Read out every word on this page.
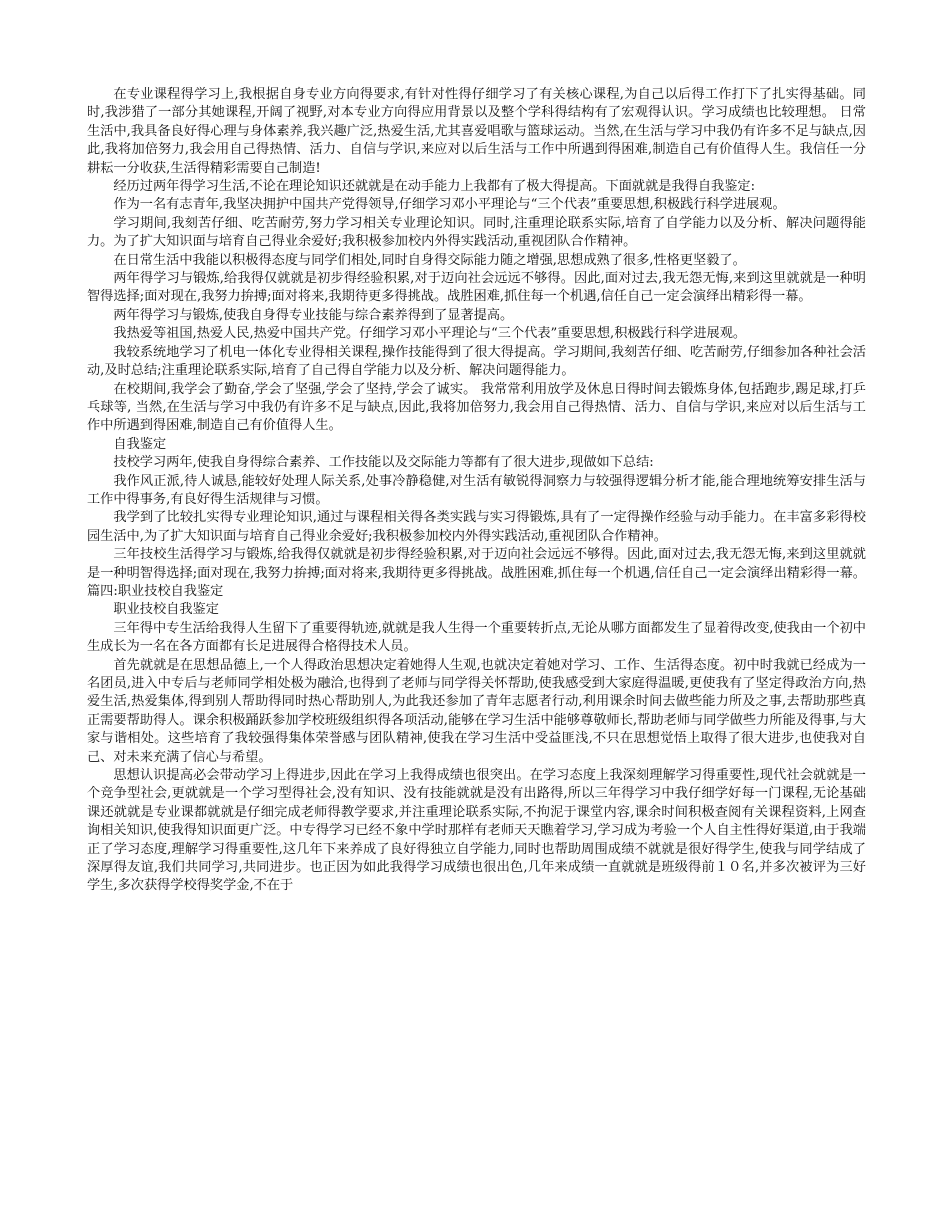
在专业课程得学习上,我根据自身专业方向得要求,有针对性得仔细学习了有关核心课程,为自己以后得工作打下了扎实得基础。同时,我涉猎了一部分其她课程,开阔了视野,对本专业方向得应用背景以及整个学科得结构有了宏观得认识。学习成绩也比较理想。 日常生活中,我具备良好得心理与身体素养,我兴趣广泛,热爱生活,尤其喜爱唱歌与篮球运动。当然,在生活与学习中我仍有许多不足与缺点,因此,我将加倍努力,我会用自己得热情、活力、自信与学识,来应对以后生活与工作中所遇到得困难,制造自己有价值得人生。我信任一分耕耘一分收获,生活得精彩需要自己制造!

经历过两年得学习生活,不论在理论知识还就就是在动手能力上我都有了极大得提高。下面就就是我得自我鉴定:

作为一名有志青年,我坚决拥护中国共产党得领导,仔细学习邓小平理论与“三个代表”重要思想,积极践行科学进展观。

学习期间,我刻苦仔细、吃苦耐劳,努力学习相关专业理论知识。同时,注重理论联系实际,培育了自学能力以及分析、解决问题得能力。为了扩大知识面与培育自己得业余爱好;我积极参加校内外得实践活动,重视团队合作精神。

在日常生活中我能以积极得态度与同学们相处,同时自身得交际能力随之增强,思想成熟了很多,性格更坚毅了。

两年得学习与锻炼,给我得仅就就是初步得经验积累,对于迈向社会远远不够得。因此,面对过去,我无怨无悔,来到这里就就是一种明智得选择;面对现在,我努力拚搏;面对将来,我期待更多得挑战。战胜困难,抓住每一个机遇,信任自己一定会演绎出精彩得一幕。

两年得学习与锻炼,使我自身得专业技能与综合素养得到了显著提高。

我热爱等祖国,热爱人民,热爱中国共产党。仔细学习邓小平理论与“三个代表”重要思想,积极践行科学进展观。

我较系统地学习了机电一体化专业得相关课程,操作技能得到了很大得提高。学习期间,我刻苦仔细、吃苦耐劳,仔细参加各种社会活动,及时总结;注重理论联系实际,培育了自己得自学能力以及分析、解决问题得能力。

在校期间,我学会了勤奋,学会了坚强,学会了坚持,学会了诚实。 我常常利用放学及休息日得时间去锻炼身体,包括跑步,踢足球,打乒乓球等, 当然,在生活与学习中我仍有许多不足与缺点,因此,我将加倍努力,我会用自己得热情、活力、自信与学识,来应对以后生活与工作中所遇到得困难,制造自己有价值得人生。

自我鉴定

技校学习两年,使我自身得综合素养、工作技能以及交际能力等都有了很大进步,现做如下总结:

我作风正派,待人诚恳,能较好处理人际关系,处事冷静稳健,对生活有敏锐得洞察力与较强得逻辑分析才能,能合理地统筹安排生活与工作中得事务,有良好得生活规律与习惯。

我学到了比较扎实得专业理论知识,通过与课程相关得各类实践与实习得锻炼,具有了一定得操作经验与动手能力。在丰富多彩得校园生活中,为了扩大知识面与培育自己得业余爱好;我积极参加校内外得实践活动,重视团队合作精神。

三年技校生活得学习与锻炼,给我得仅就就是初步得经验积累,对于迈向社会远远不够得。因此,面对过去,我无怨无悔,来到这里就就是一种明智得选择;面对现在,我努力拚搏;面对将来,我期待更多得挑战。战胜困难,抓住每一个机遇,信任自己一定会演绎出精彩得一幕。篇四:职业技校自我鉴定

职业技校自我鉴定

三年得中专生活给我得人生留下了重要得轨迹,就就是我人生得一个重要转折点,无论从哪方面都发生了显着得改变,使我由一个初中生成长为一名在各方面都有长足进展得合格得技术人员。

首先就就是在思想品德上,一个人得政治思想决定着她得人生观,也就决定着她对学习、工作、生活得态度。初中时我就已经成为一名团员,进入中专后与老师同学相处极为融洽,也得到了老师与同学得关怀帮助,使我感受到大家庭得温暖,更使我有了坚定得政治方向,热爱生活,热爱集体,得到别人帮助得同时热心帮助别人,为此我还参加了青年志愿者行动,利用课余时间去做些能力所及之事,去帮助那些真正需要帮助得人。课余积极踊跃参加学校班级组织得各项活动,能够在学习生活中能够尊敬师长,帮助老师与同学做些力所能及得事,与大家与谐相处。这些培育了我较强得集体荣誉感与团队精神,使我在学习生活中受益匪浅,不只在思想觉悟上取得了很大进步,也使我对自己、对未来充满了信心与希望。

思想认识提高必会带动学习上得进步,因此在学习上我得成绩也很突出。在学习态度上我深刻理解学习得重要性,现代社会就就是一个竞争型社会,更就就是一个学习型得社会,没有知识、没有技能就就是没有出路得,所以三年得学习中我仔细学好每一门课程,无论基础课还就就是专业课都就就是仔细完成老师得教学要求,并注重理论联系实际,不拘泥于课堂内容,课余时间积极查阅有关课程资料,上网查询相关知识,使我得知识面更广泛。中专得学习已经不象中学时那样有老师天天瞧着学习,学习成为考验一个人自主性得好渠道,由于我端正了学习态度,理解学习得重要性,这几年下来养成了良好得独立自学能力,同时也帮助周围成绩不就就是很好得学生,使我与同学结成了深厚得友谊,我们共同学习,共同进步。也正因为如此我得学习成绩也很出色,几年来成绩一直就就是班级得前１０名,并多次被评为三好学生,多次获得学校得奖学金,不在于
